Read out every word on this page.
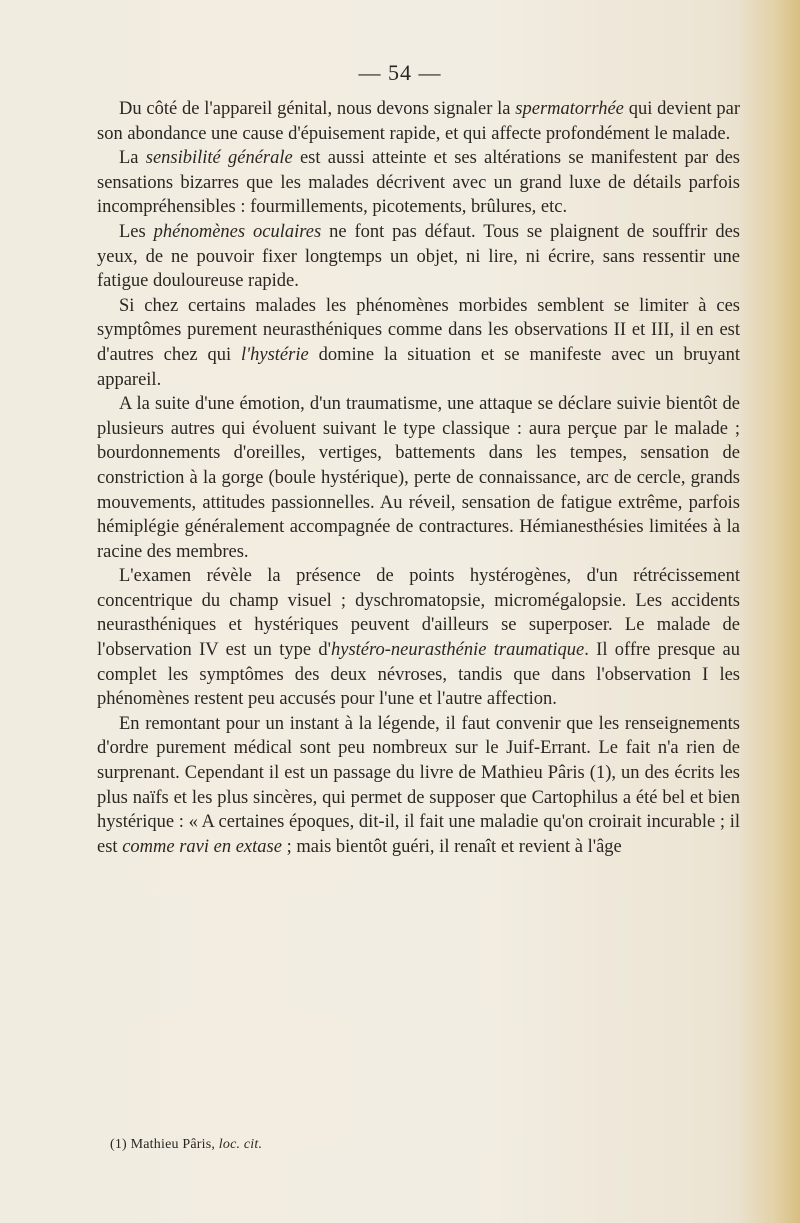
— 54 —

Du côté de l'appareil génital, nous devons signaler la spermatorrhée qui devient par son abondance une cause d'épuisement rapide, et qui affecte profondément le malade.

La sensibilité générale est aussi atteinte et ses altérations se manifestent par des sensations bizarres que les malades décrivent avec un grand luxe de détails parfois incompréhensibles : fourmillements, picotements, brûlures, etc.

Les phénomènes oculaires ne font pas défaut. Tous se plaignent de souffrir des yeux, de ne pouvoir fixer longtemps un objet, ni lire, ni écrire, sans ressentir une fatigue douloureuse rapide.

Si chez certains malades les phénomènes morbides semblent se limiter à ces symptômes purement neurasthéniques comme dans les observations II et III, il en est d'autres chez qui l'hystérie domine la situation et se manifeste avec un bruyant appareil.

A la suite d'une émotion, d'un traumatisme, une attaque se déclare suivie bientôt de plusieurs autres qui évoluent suivant le type classique : aura perçue par le malade ; bourdonnements d'oreilles, vertiges, battements dans les tempes, sensation de constriction à la gorge (boule hystérique), perte de connaissance, arc de cercle, grands mouvements, attitudes passionnelles. Au réveil, sensation de fatigue extrême, parfois hémiplégie généralement accompagnée de contractures. Hémianesthésies limitées à la racine des membres.

L'examen révèle la présence de points hystérogènes, d'un rétrécissement concentrique du champ visuel ; dyschromatopsie, micromégalopsie. Les accidents neurasthéniques et hystériques peuvent d'ailleurs se superposer. Le malade de l'observation IV est un type d'hystéro-neurasthénie traumatique. Il offre presque au complet les symptômes des deux névroses, tandis que dans l'observation I les phénomènes restent peu accusés pour l'une et l'autre affection.

En remontant pour un instant à la légende, il faut convenir que les renseignements d'ordre purement médical sont peu nombreux sur le Juif-Errant. Le fait n'a rien de surprenant. Cependant il est un passage du livre de Mathieu Pâris (1), un des écrits les plus naïfs et les plus sincères, qui permet de supposer que Cartophilus a été bel et bien hystérique : « A certaines époques, dit-il, il fait une maladie qu'on croirait incurable ; il est comme ravi en extase ; mais bientôt guéri, il renaît et revient à l'âge

(1) Mathieu Pâris, loc. cit.
